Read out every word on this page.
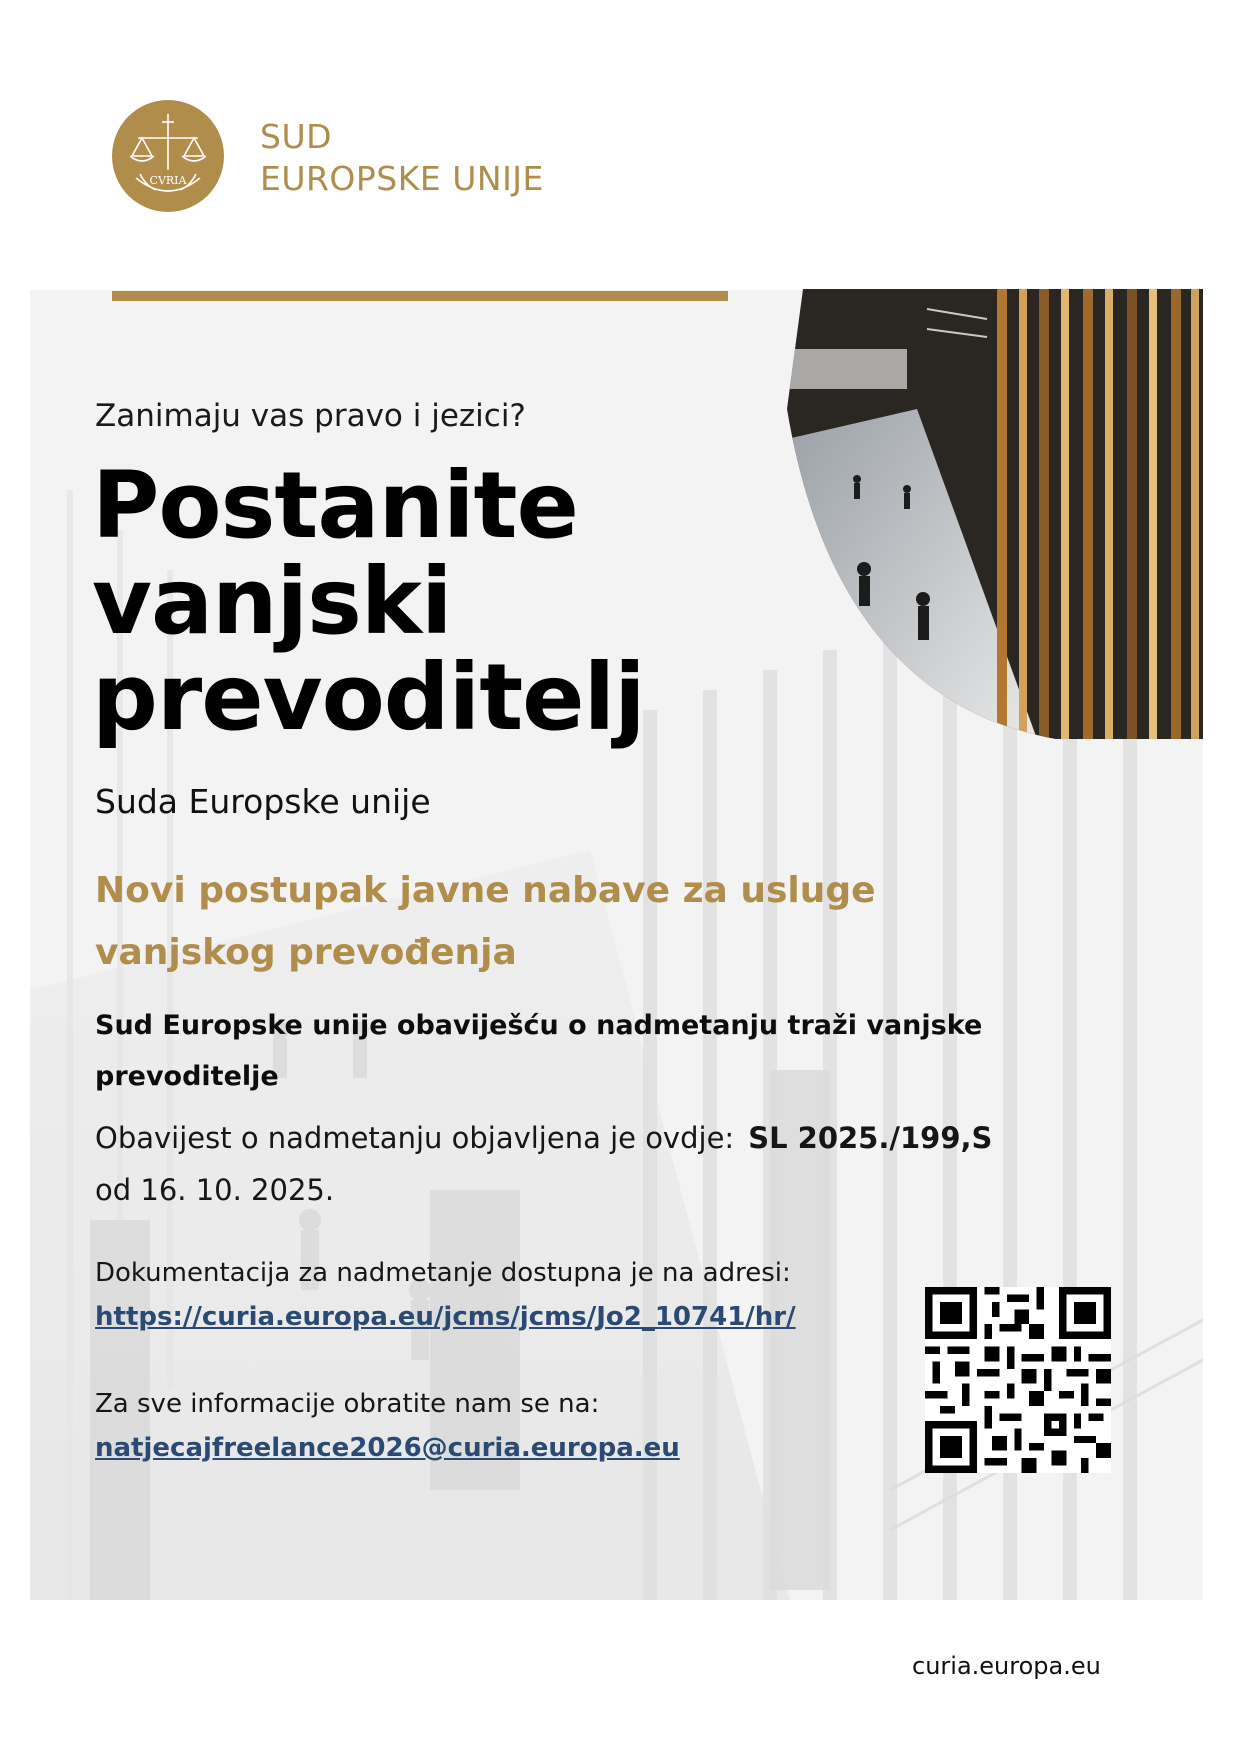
CVRIA
SUD
EUROPSKE UNIJE
Zanimaju vas pravo i jezici?
Postanite
vanjski
prevoditelj
Suda Europske unije
Novi postupak javne nabave za usluge vanjskog prevođenja
Sud Europske unije obaviješću o nadmetanju traži vanjske prevoditelje
Obavijest o nadmetanju objavljena je ovdje: SL 2025./199,S
od 16. 10. 2025.
Dokumentacija za nadmetanje dostupna je na adresi:
https://curia.europa.eu/jcms/jcms/Jo2_10741/hr/
Za sve informacije obratite nam se na:
natjecajfreelance2026@curia.europa.eu
curia.europa.eu
